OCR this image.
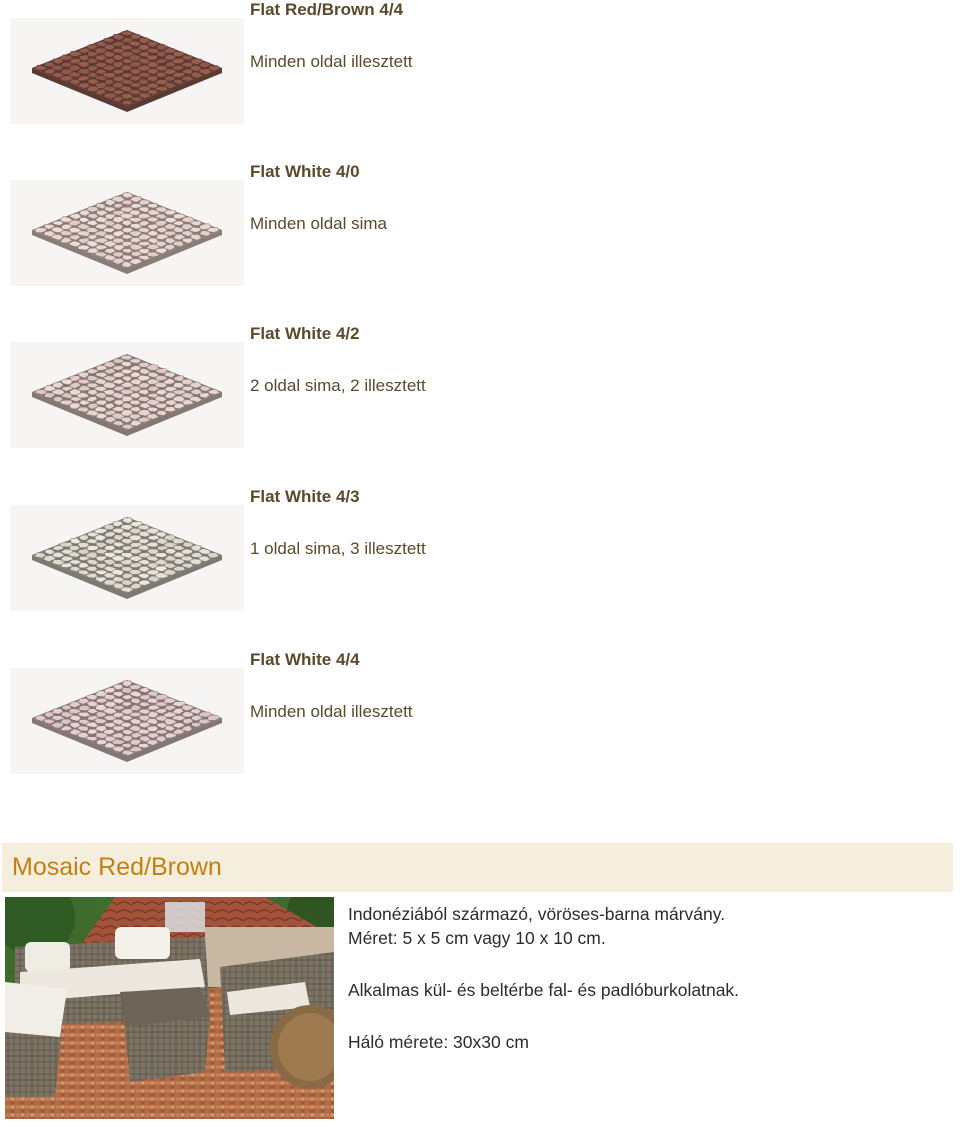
Flat Red/Brown 4/4
Minden oldal illesztett
Flat White 4/0
Minden oldal sima
Flat White 4/2
2 oldal sima, 2 illesztett
Flat White 4/3
1 oldal sima, 3 illesztett
Flat White 4/4
Minden oldal illesztett
Mosaic Red/Brown

Indonéziából származó, vöröses-barna márvány.

Méret: 5 x 5 cm vagy 10 x 10 cm.

Alkalmas kül- és beltérbe fal- és padlóburkolatnak.

Háló mérete: 30x30 cm
